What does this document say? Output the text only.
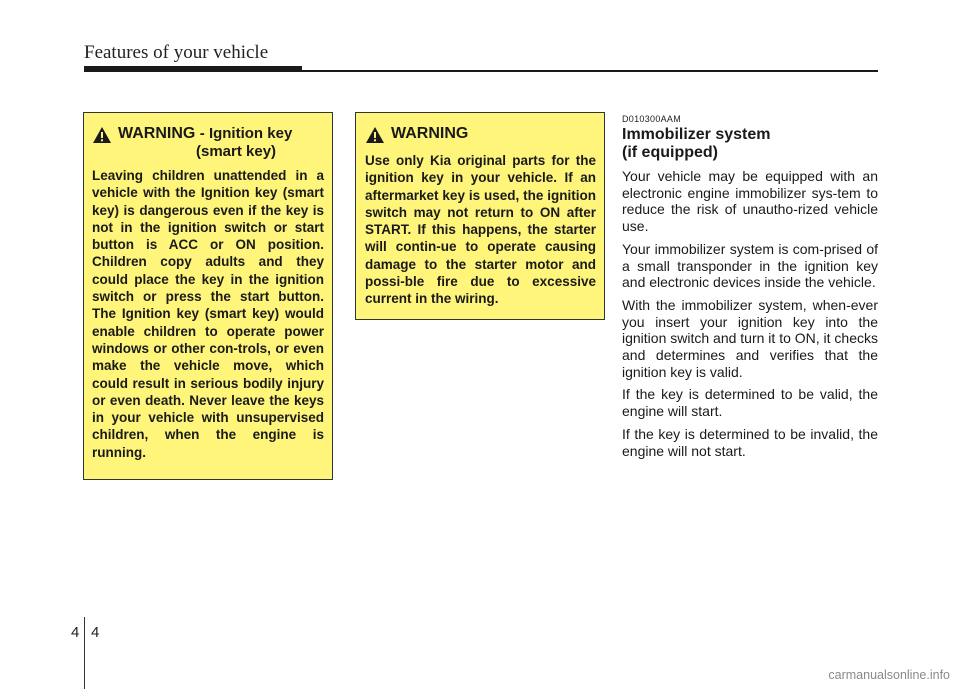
Features of your vehicle
WARNING - Ignition key
(smart key)

Leaving children unattended in a vehicle with the Ignition key (smart key) is dangerous even if the key is not in the ignition switch or start button is ACC or ON position. Children copy adults and they could place the key in the ignition switch or press the start button. The Ignition key (smart key) would enable children to operate power windows or other con-trols, or even make the vehicle move, which could result in serious bodily injury or even death. Never leave the keys in your vehicle with unsupervised children, when the engine is running.

WARNING

Use only Kia original parts for the ignition key in your vehicle. If an aftermarket key is used, the ignition switch may not return to ON after START. If this happens, the starter will contin-ue to operate causing damage to the starter motor and possi-ble fire due to excessive current in the wiring.

D010300AAM
Immobilizer system
(if equipped)

Your vehicle may be equipped with an electronic engine immobilizer sys-tem to reduce the risk of unautho-rized vehicle use.

Your immobilizer system is com-prised of a small transponder in the ignition key and electronic devices inside the vehicle.

With the immobilizer system, when-ever you insert your ignition key into the ignition switch and turn it to ON, it checks and determines and verifies that the ignition key is valid.

If the key is determined to be valid, the engine will start.

If the key is determined to be invalid, the engine will not start.

4 4
carmanualsonline.info
